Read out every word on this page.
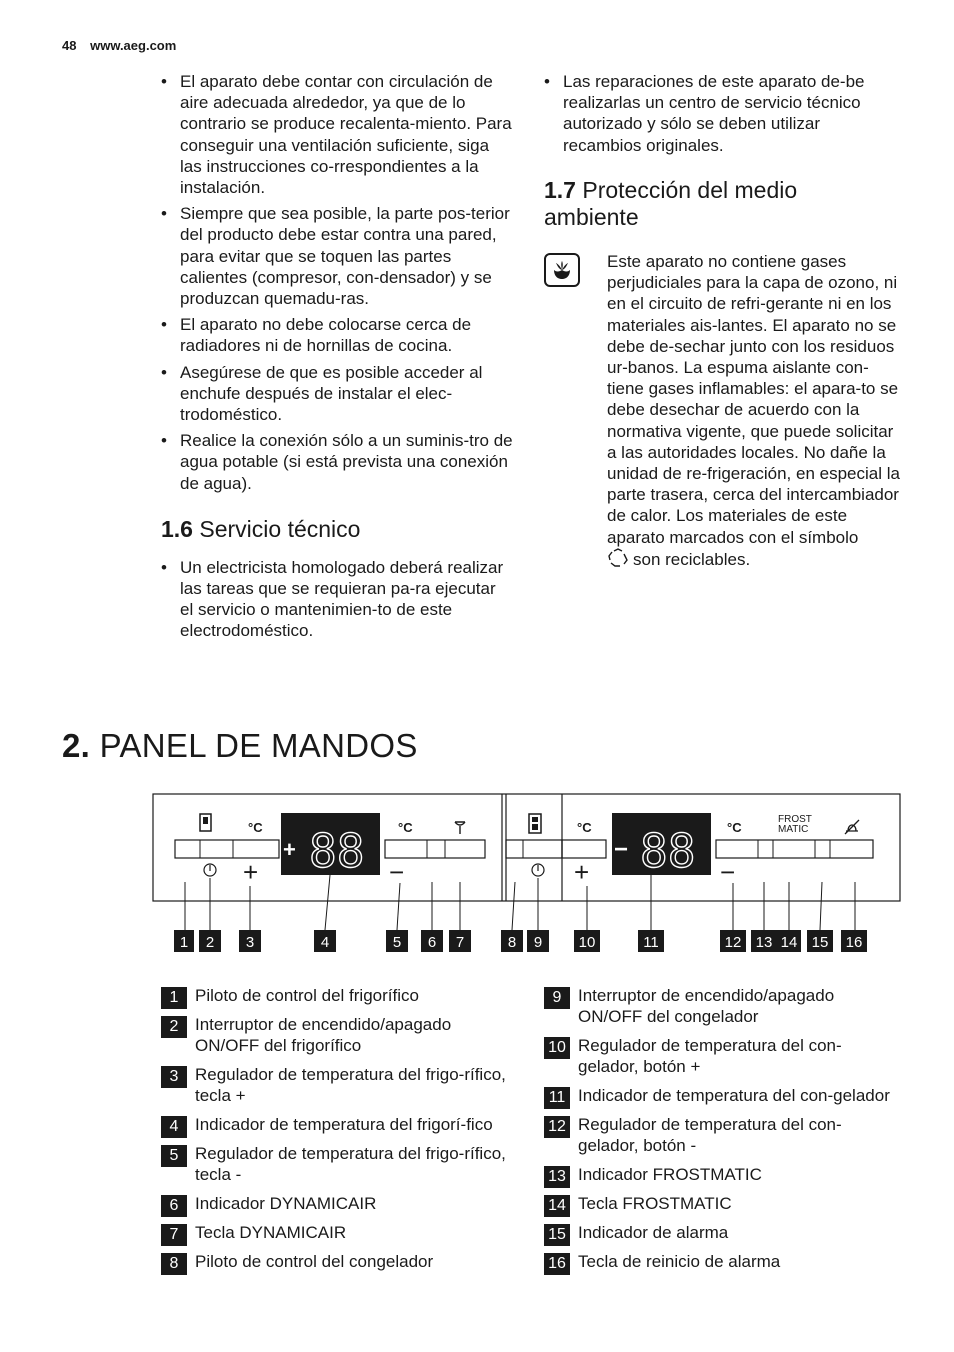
48 www.aeg.com

• El aparato debe contar con circulación de aire adecuada alrededor, ya que de lo contrario se produce recalenta-miento. Para conseguir una ventilación suficiente, siga las instrucciones co-rrespondientes a la instalación.

• Siempre que sea posible, la parte pos-terior del producto debe estar contra una pared, para evitar que se toquen las partes calientes (compresor, con-densador) y se produzcan quemadu-ras.

• El aparato no debe colocarse cerca de radiadores ni de hornillas de cocina.

• Asegúrese de que es posible acceder al enchufe después de instalar el elec-trodoméstico.

• Realice la conexión sólo a un suminis-tro de agua potable (si está prevista una conexión de agua).

1.6 Servicio técnico

• Un electricista homologado deberá realizar las tareas que se requieran pa-ra ejecutar el servicio o mantenimien-to de este electrodoméstico.

• Las reparaciones de este aparato de-be realizarlas un centro de servicio técnico autorizado y sólo se deben utilizar recambios originales.

1.7 Protección del medio
ambiente
Este aparato no contiene gases perjudiciales para la capa de ozono, ni en el circuito de refri-gerante ni en los materiales ais-lantes. El aparato no se debe de-sechar junto con los residuos ur-banos. La espuma aislante con-tiene gases inflamables: el apara-to se debe desechar de acuerdo con la normativa vigente, que puede solicitar a las autoridades locales. No dañe la unidad de re-frigeración, en especial la parte trasera, cerca del intercambiador de calor. Los materiales de este aparato marcados con el símbolo
son reciclables.
2. PANEL DE MANDOS
°C
+
+ 88	°C
−
°C
+
− 88 °C
FROST
MATIC
−
1 2 3	4	5 6 7	8 9 10	11	12 13 14 15 16
1 Piloto de control del frigorífico
2 Interruptor de encendido/apagado ON/OFF del frigorífico
3 Regulador de temperatura del frigo-rífico, tecla +
4 Indicador de temperatura del frigorí-fico
5 Regulador de temperatura del frigo-rífico, tecla -
6 Indicador DYNAMICAIR
7 Tecla DYNAMICAIR
8 Piloto de control del congelador
9 Interruptor de encendido/apagado ON/OFF del congelador
10 Regulador de temperatura del con-gelador, botón +
11 Indicador de temperatura del con-gelador
12 Regulador de temperatura del con-gelador, botón -
13 Indicador FROSTMATIC
14 Tecla FROSTMATIC
15 Indicador de alarma
16 Tecla de reinicio de alarma
